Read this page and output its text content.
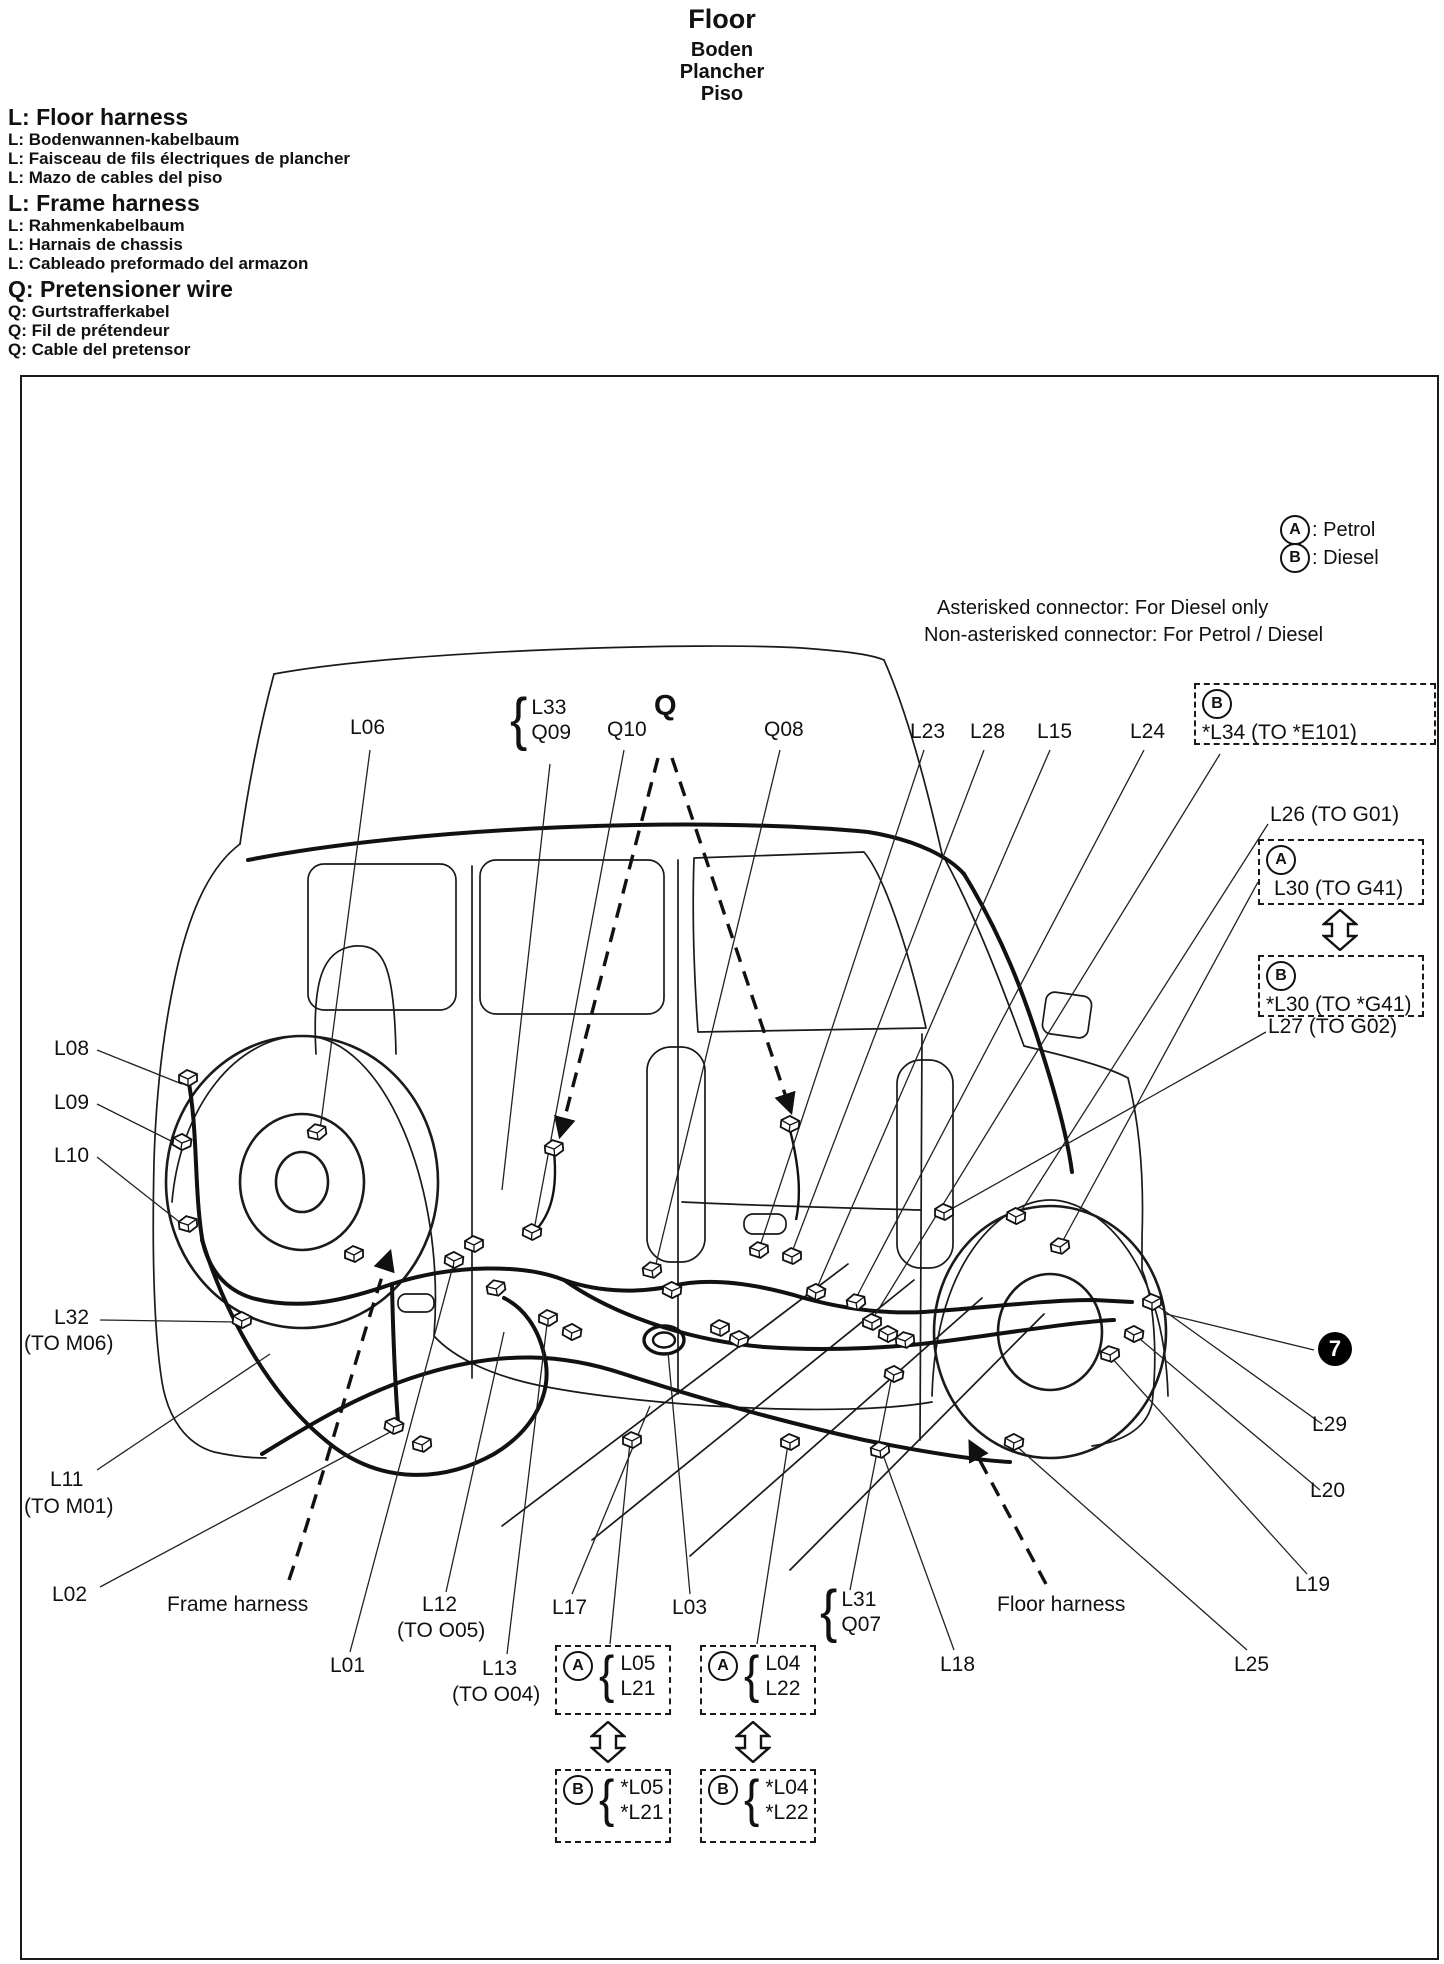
Floor
Boden
Plancher
Piso
L: Floor harness
L: Bodenwannen-kabelbaum
L: Faisceau de fils électriques de plancher
L: Mazo de cables del piso
L: Frame harness
L: Rahmenkabelbaum
L: Harnais de chassis
L: Cableado preformado del armazon
Q: Pretensioner wire
Q: Gurtstrafferkabel
Q: Fil de prétendeur
Q: Cable del pretensor
A : Petrol
B : Diesel
Asterisked connector: For Diesel only
Non-asterisked connector: For Petrol / Diesel
L06 { L33
Q09 Q10
Q
Q08	L23 L28 L15	L24
B
*L34 (TO *E101)
L26 (TO G01)
A
L30 (TO G41)
B
*L30 (TO *G41)
L27 (TO G02)
L08
L09
L10
L32
(TO M06)
L11
(TO M01)
L02	Frame harness
L01
L12
(TO O05)
L13
(TO O04)
L17	L03
A { L05
L21
A { L04
L22
B { *L05
*L21
B { *L04
*L22
{ L31
Q07
L18
Floor harness
L25
L19
L20
L29
7
